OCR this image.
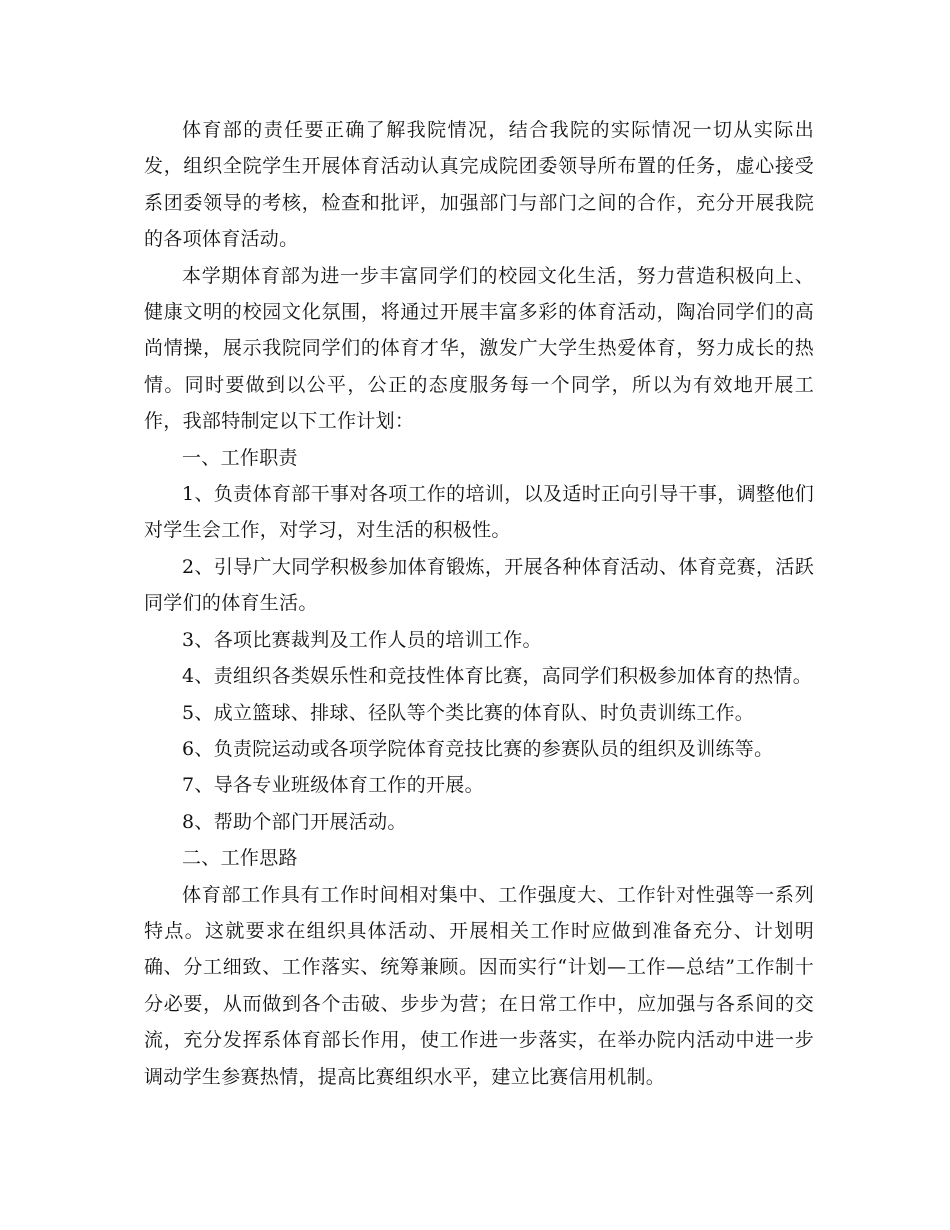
体育部的责任要正确了解我院情况，结合我院的实际情况一切从实际出发，组织全院学生开展体育活动认真完成院团委领导所布置的任务，虚心接受系团委领导的考核，检查和批评，加强部门与部门之间的合作，充分开展我院的各项体育活动。

本学期体育部为进一步丰富同学们的校园文化生活，努力营造积极向上、健康文明的校园文化氛围，将通过开展丰富多彩的体育活动，陶冶同学们的高尚情操，展示我院同学们的体育才华，激发广大学生热爱体育，努力成长的热情。同时要做到以公平，公正的态度服务每一个同学，所以为有效地开展工作，我部特制定以下工作计划：

一、工作职责

1、负责体育部干事对各项工作的培训，以及适时正向引导干事，调整他们对学生会工作，对学习，对生活的积极性。

2、引导广大同学积极参加体育锻炼，开展各种体育活动、体育竞赛，活跃同学们的体育生活。

3、各项比赛裁判及工作人员的培训工作。

4、责组织各类娱乐性和竞技性体育比赛，高同学们积极参加体育的热情。

5、成立篮球、排球、径队等个类比赛的体育队、时负责训练工作。

6、负责院运动或各项学院体育竞技比赛的参赛队员的组织及训练等。

7、导各专业班级体育工作的开展。

8、帮助个部门开展活动。

二、工作思路

体育部工作具有工作时间相对集中、工作强度大、工作针对性强等一系列特点。这就要求在组织具体活动、开展相关工作时应做到准备充分、计划明确、分工细致、工作落实、统筹兼顾。因而实行“计划—工作—总结”工作制十分必要，从而做到各个击破、步步为营；在日常工作中，应加强与各系间的交流，充分发挥系体育部长作用，使工作进一步落实，在举办院内活动中进一步调动学生参赛热情，提高比赛组织水平，建立比赛信用机制。
